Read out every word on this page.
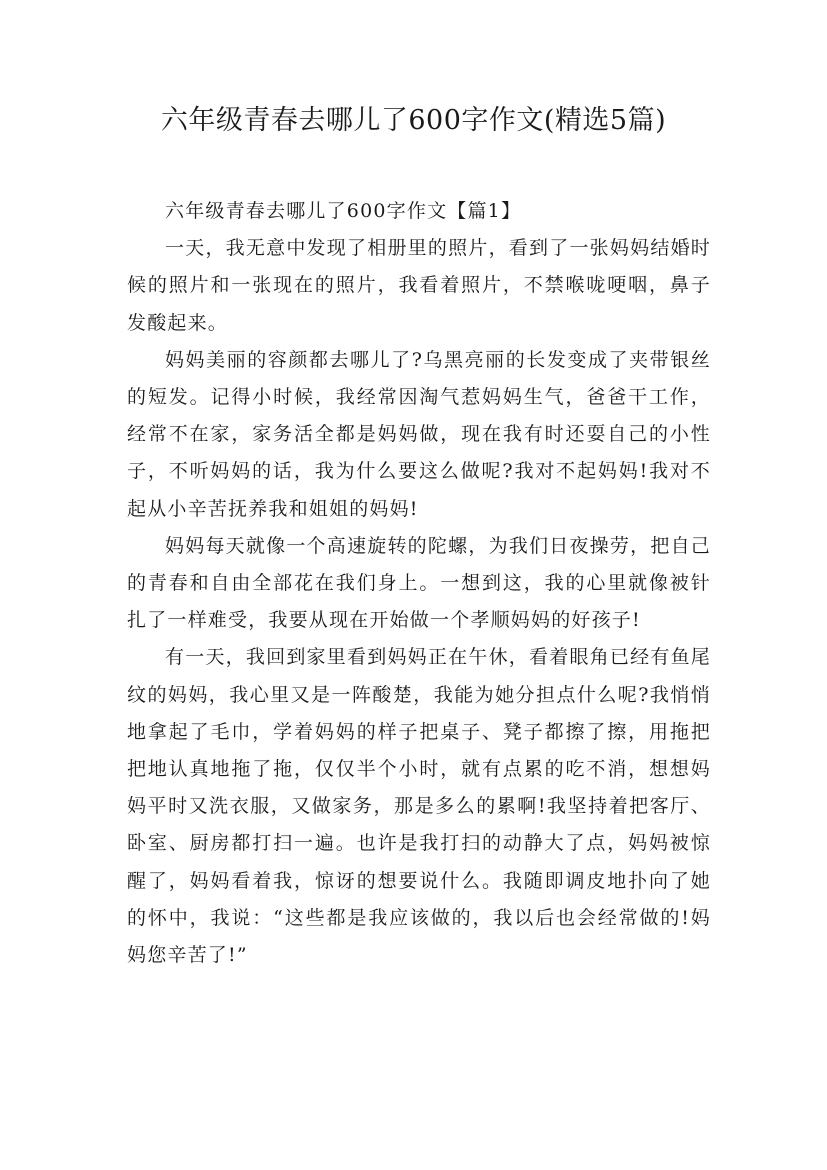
六年级青春去哪儿了600字作文(精选5篇)

六年级青春去哪儿了600字作文【篇1】

一天，我无意中发现了相册里的照片，看到了一张妈妈结婚时候的照片和一张现在的照片，我看着照片，不禁喉咙哽咽，鼻子发酸起来。

妈妈美丽的容颜都去哪儿了?乌黑亮丽的长发变成了夹带银丝的短发。记得小时候，我经常因淘气惹妈妈生气，爸爸干工作，经常不在家，家务活全都是妈妈做，现在我有时还耍自己的小性子，不听妈妈的话，我为什么要这么做呢?我对不起妈妈!我对不起从小辛苦抚养我和姐姐的妈妈!

妈妈每天就像一个高速旋转的陀螺，为我们日夜操劳，把自己的青春和自由全部花在我们身上。一想到这，我的心里就像被针扎了一样难受，我要从现在开始做一个孝顺妈妈的好孩子!

有一天，我回到家里看到妈妈正在午休，看着眼角已经有鱼尾纹的妈妈，我心里又是一阵酸楚，我能为她分担点什么呢?我悄悄地拿起了毛巾，学着妈妈的样子把桌子、凳子都擦了擦，用拖把把地认真地拖了拖，仅仅半个小时，就有点累的吃不消，想想妈妈平时又洗衣服，又做家务，那是多么的累啊!我坚持着把客厅、卧室、厨房都打扫一遍。也许是我打扫的动静大了点，妈妈被惊醒了，妈妈看着我，惊讶的想要说什么。我随即调皮地扑向了她的怀中，我说：“这些都是我应该做的，我以后也会经常做的!妈妈您辛苦了!”
